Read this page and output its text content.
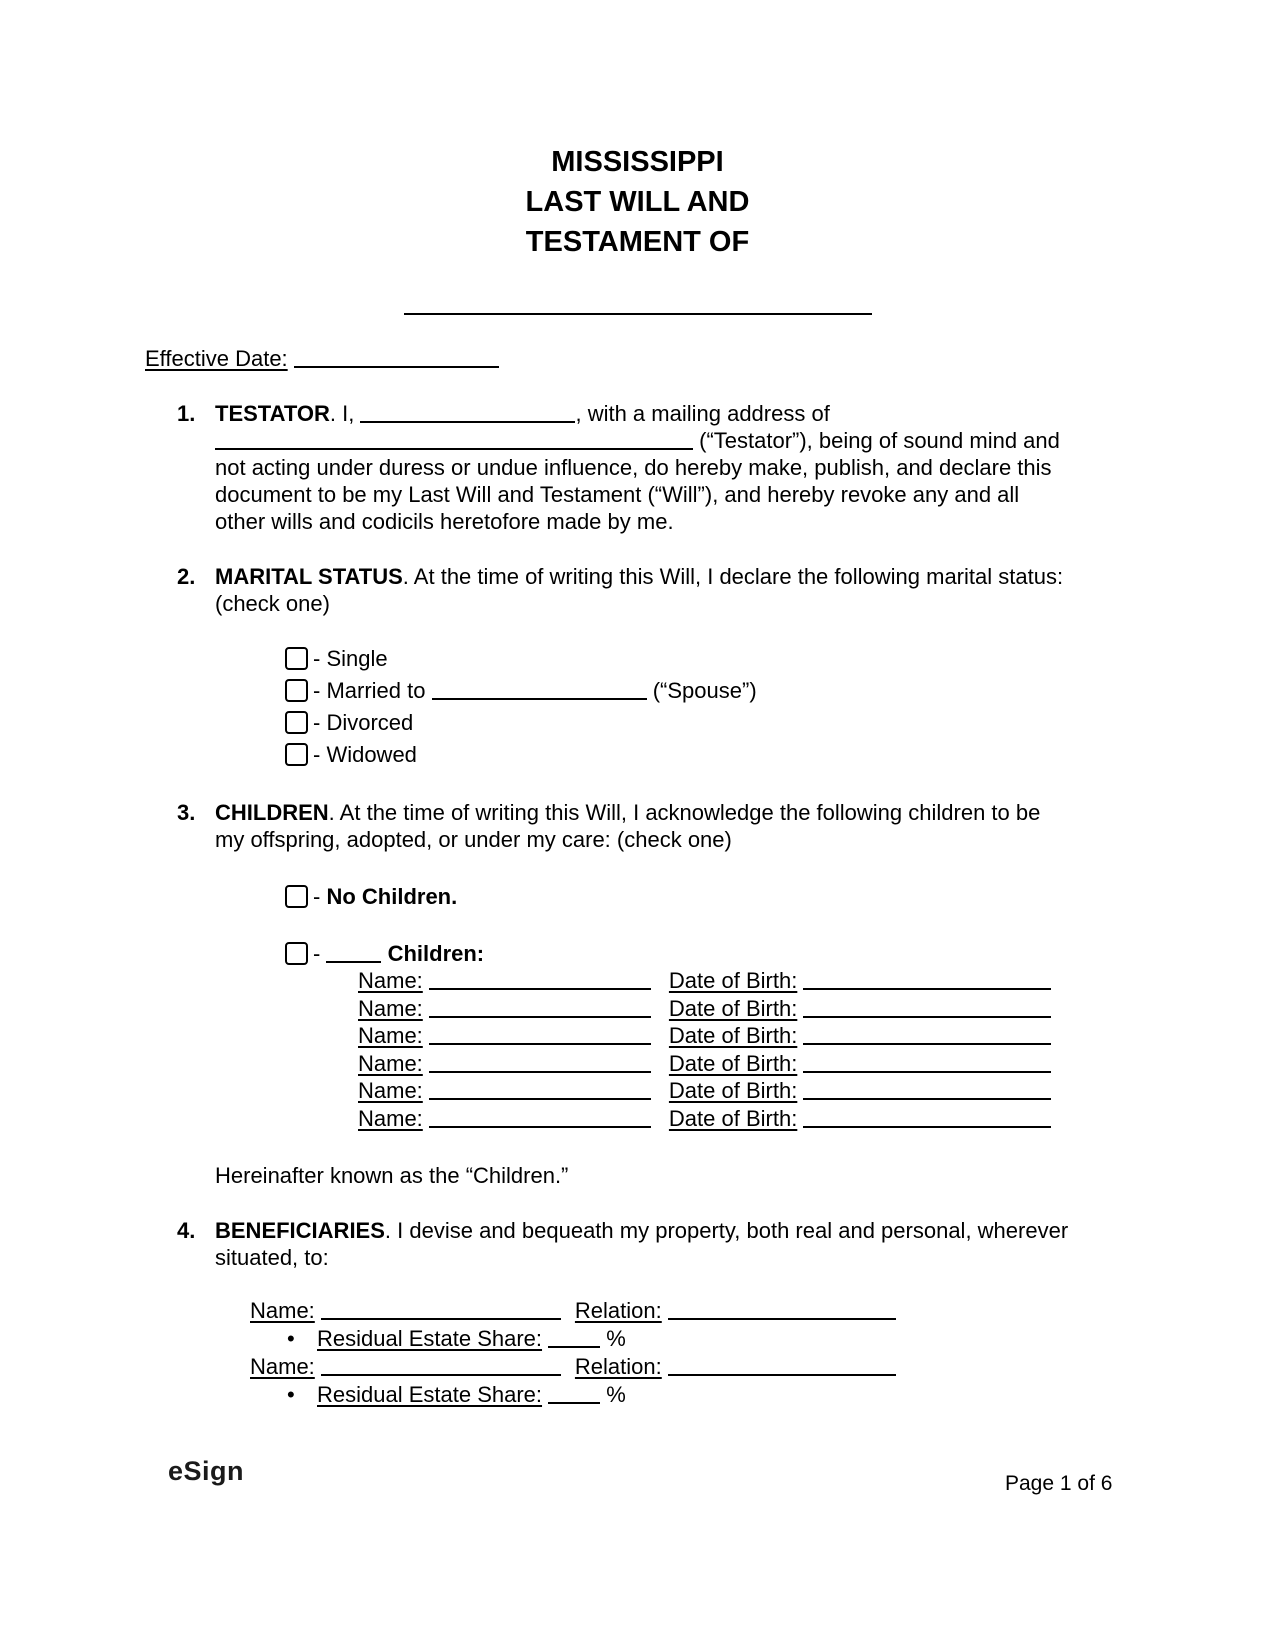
MISSISSIPPI
LAST WILL AND
TESTAMENT OF
Effective Date:
1. TESTATOR. I,	, with a mailing address of  (“Testator”), being of sound mind and not acting under duress or undue influence, do hereby make, publish, and declare this document to be my Last Will and Testament (“Will”), and hereby revoke any and all other wills and codicils heretofore made by me.

2. MARITAL STATUS. At the time of writing this Will, I declare the following marital status: (check one)

- Single
- Married to	(“Spouse”)
- Divorced
- Widowed
3. CHILDREN. At the time of writing this Will, I acknowledge the following children to be my offspring, adopted, or under my care: (check one)

- No Children.
-	Children:
Name:	Date of Birth:
Name:	Date of Birth:
Name:	Date of Birth:
Name:	Date of Birth:
Name:	Date of Birth:
Name:	Date of Birth:

Hereinafter known as the “Children.”

4. BENEFICIARIES. I devise and bequeath my property, both real and personal, wherever situated, to:

Name:	Relation:
• Residual Estate Share:	%
Name:	Relation:
• Residual Estate Share:	%
eSign	Page 1 of 6
